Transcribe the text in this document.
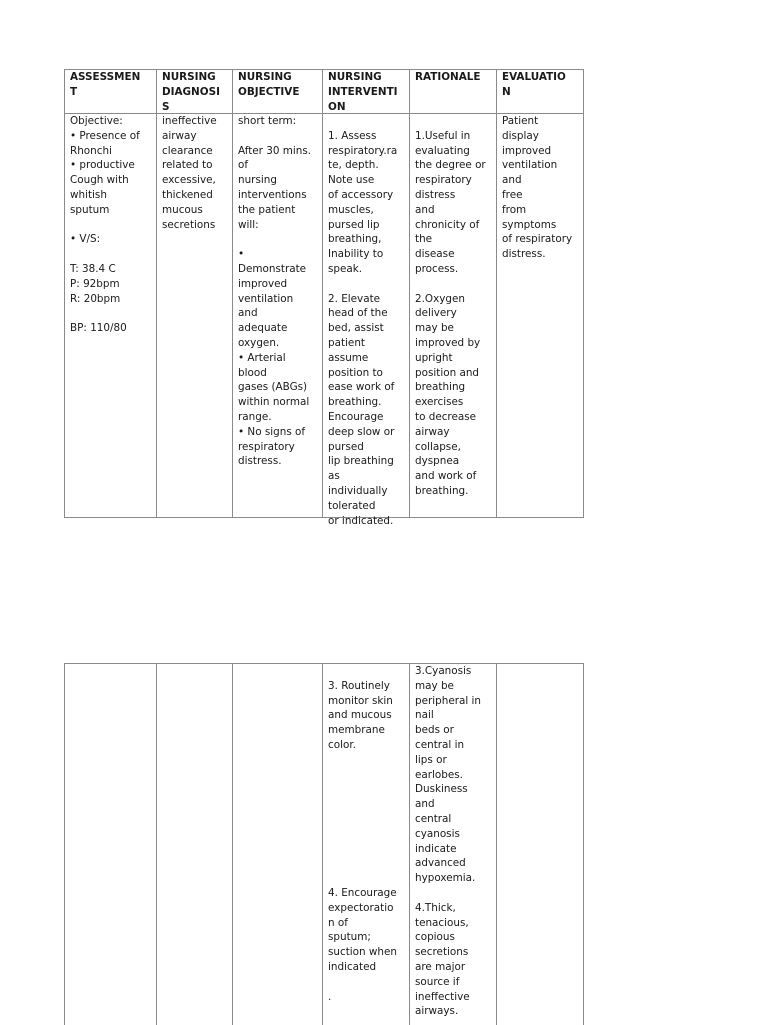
ASSESSMEN
T
NURSING
DIAGNOSI
S
NURSING
OBJECTIVE
NURSING
INTERVENTI
ON
RATIONALE	EVALUATIO
N
Objective:
• Presence of
Rhonchi
• productive
Cough with
whitish
sputum

• V/S:

T: 38.4 C
P: 92bpm
R: 20bpm

BP: 110/80
ineffective
airway
clearance
related to
excessive,
thickened
mucous
secretions
short term:

After 30 mins.
of
nursing
interventions
the patient
will:

•
Demonstrate
improved
ventilation
and
adequate
oxygen.
• Arterial
blood
gases (ABGs)
within normal
range.
• No signs of
respiratory
distress.

1. Assess
respiratory.ra
te, depth.
Note use
of accessory
muscles,
pursed lip
breathing,
Inability to
speak.

2. Elevate
head of the
bed, assist
patient
assume
position to
ease work of
breathing.
Encourage
deep slow or
pursed
lip breathing
as
individually
tolerated
or indicated.

1.Useful in
evaluating
the degree or
respiratory
distress
and
chronicity of
the
disease
process.

2.Oxygen
delivery
may be
improved by
upright
position and
breathing
exercises
to decrease
airway
collapse,
dyspnea
and work of
breathing.
Patient
display
improved
ventilation
and
free
from
symptoms
of respiratory
distress.

3. Routinely
monitor skin
and mucous
membrane
color.

4. Encourage
expectoratio
n of
sputum;
suction when
indicated

.
3.Cyanosis
may be
peripheral in
nail
beds or
central in
lips or
earlobes.
Duskiness
and
central
cyanosis
indicate
advanced
hypoxemia.

4.Thick,
tenacious,
copious
secretions
are major
source if
ineffective
airways.
